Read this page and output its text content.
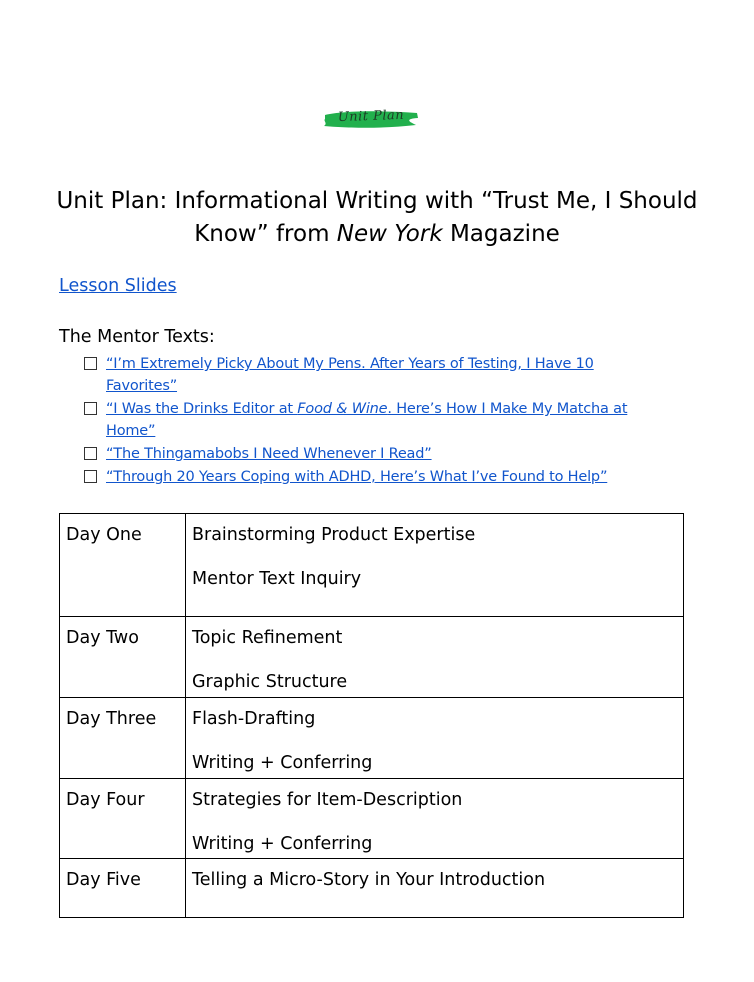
Unit Plan
Unit Plan: Informational Writing with “Trust Me, I Should Know” from New York Magazine
Lesson Slides
The Mentor Texts:
“I’m Extremely Picky About My Pens. After Years of Testing, I Have 10 Favorites”
“I Was the Drinks Editor at Food & Wine. Here’s How I Make My Matcha at Home”
“The Thingamabobs I Need Whenever I Read”
“Through 20 Years Coping with ADHD, Here’s What I’ve Found to Help”
Day One	Brainstorming Product Expertise
Mentor Text Inquiry

Day Two	Topic Refinement
Graphic Structure

Day Three	Flash-Drafting
Writing + Conferring

Day Four	Strategies for Item-Description
Writing + Conferring

Day Five	Telling a Micro-Story in Your Introduction
